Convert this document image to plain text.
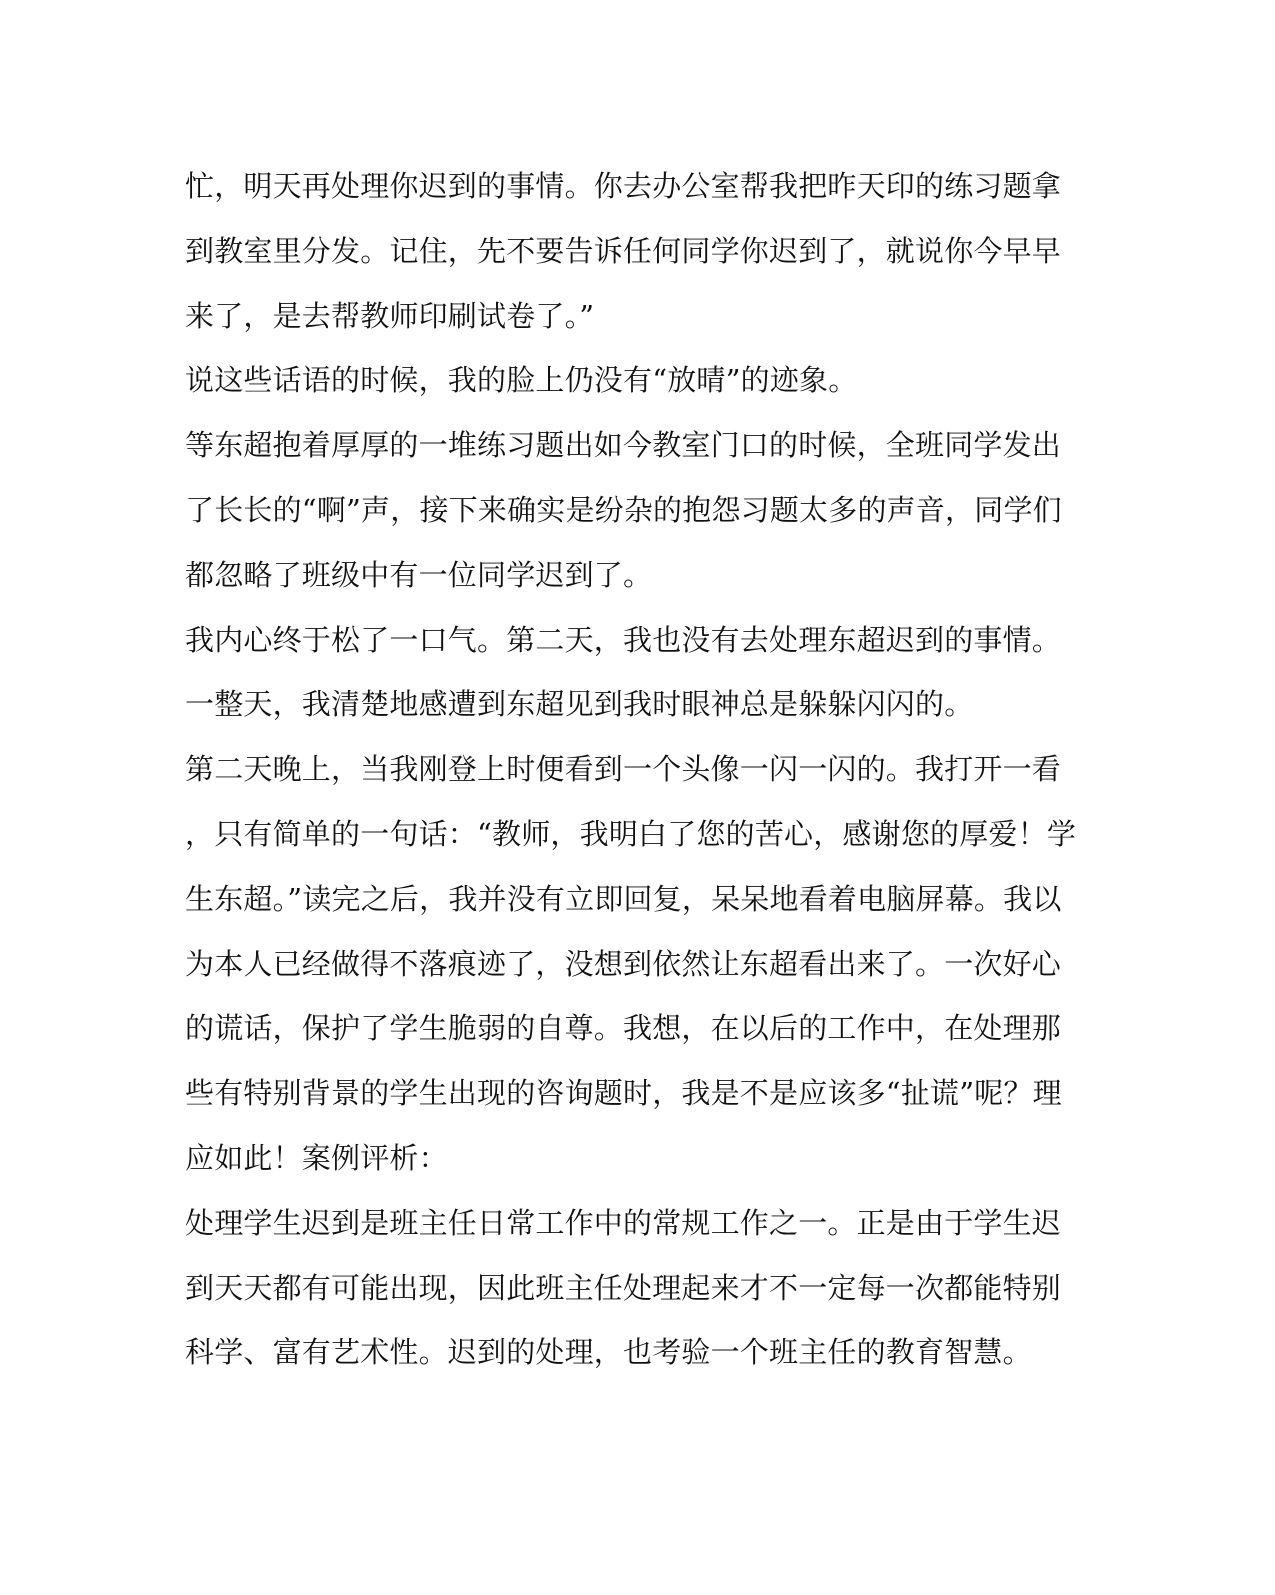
忙，明天再处理你迟到的事情。你去办公室帮我把昨天印的练习题拿
到教室里分发。记住，先不要告诉任何同学你迟到了，就说你今早早
来了，是去帮教师印刷试卷了。”
说这些话语的时候，我的脸上仍没有“放晴”的迹象。
等东超抱着厚厚的一堆练习题出如今教室门口的时候，全班同学发出
了长长的“啊”声，接下来确实是纷杂的抱怨习题太多的声音，同学们
都忽略了班级中有一位同学迟到了。
我内心终于松了一口气。第二天，我也没有去处理东超迟到的事情。
一整天，我清楚地感遭到东超见到我时眼神总是躲躲闪闪的。
第二天晚上，当我刚登上时便看到一个头像一闪一闪的。我打开一看
，只有简单的一句话：“教师，我明白了您的苦心，感谢您的厚爱！学
生东超。”读完之后，我并没有立即回复，呆呆地看着电脑屏幕。我以
为本人已经做得不落痕迹了，没想到依然让东超看出来了。一次好心
的谎话，保护了学生脆弱的自尊。我想，在以后的工作中，在处理那
些有特别背景的学生出现的咨询题时，我是不是应该多“扯谎”呢？理
应如此！案例评析：
处理学生迟到是班主任日常工作中的常规工作之一。正是由于学生迟
到天天都有可能出现，因此班主任处理起来才不一定每一次都能特别
科学、富有艺术性。迟到的处理，也考验一个班主任的教育智慧。
